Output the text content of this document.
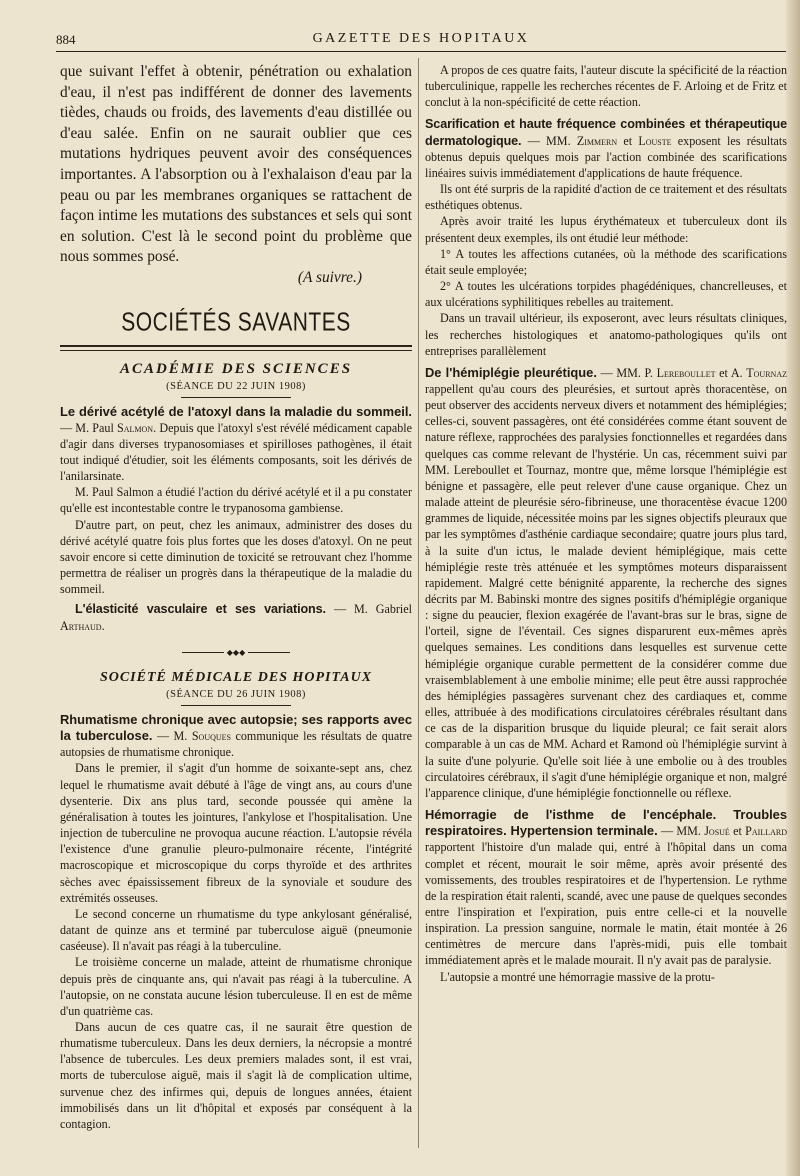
884	GAZETTE DES HOPITAUX

que suivant l'effet à obtenir, pénétration ou exhalation d'eau, il n'est pas indifférent de donner des lavements tièdes, chauds ou froids, des lavements d'eau distillée ou d'eau salée. Enfin on ne saurait oublier que ces mutations hydriques peuvent avoir des conséquences importantes. A l'absorption ou à l'exhalaison d'eau par la peau ou par les membranes organiques se rattachent de façon intime les mutations des substances et sels qui sont en solution. C'est là le second point du problème que nous sommes posé.

(A suivre.)

SOCIÉTÉS SAVANTES
ACADÉMIE DES SCIENCES
(SÉANCE DU 22 JUIN 1908)

Le dérivé acétylé de l'atoxyl dans la maladie du sommeil. — M. Paul Salmon. Depuis que l'atoxyl s'est révélé médicament capable d'agir dans diverses trypanosomiases et spirilloses pathogènes, il était tout indiqué d'étudier, soit les éléments composants, soit les dérivés de l'anilarsinate.

M. Paul Salmon a étudié l'action du dérivé acétylé et il a pu constater qu'elle est incontestable contre le trypanosoma gambiense.

D'autre part, on peut, chez les animaux, administrer des doses du dérivé acétylé quatre fois plus fortes que les doses d'atoxyl. On ne peut savoir encore si cette diminution de toxicité se retrouvant chez l'homme permettra de réaliser un progrès dans la thérapeutique de la maladie du sommeil.

L'élasticité vasculaire et ses variations. — M. Gabriel Arthaud.

◆◆◆
SOCIÉTÉ MÉDICALE DES HOPITAUX
(SÉANCE DU 26 JUIN 1908)

Rhumatisme chronique avec autopsie; ses rapports avec la tuberculose. — M. Souques communique les résultats de quatre autopsies de rhumatisme chronique.

Dans le premier, il s'agit d'un homme de soixante-sept ans, chez lequel le rhumatisme avait débuté à l'âge de vingt ans, au cours d'une dysenterie. Dix ans plus tard, seconde poussée qui amène la généralisation à toutes les jointures, l'ankylose et l'hospitalisation. Une injection de tuberculine ne provoqua aucune réaction. L'autopsie révéla l'existence d'une granulie pleuro-pulmonaire récente, l'intégrité macroscopique et microscopique du corps thyroïde et des arthrites sèches avec épaississement fibreux de la synoviale et soudure des extrémités osseuses.

Le second concerne un rhumatisme du type ankylosant généralisé, datant de quinze ans et terminé par tuberculose aiguë (pneumonie caséeuse). Il n'avait pas réagi à la tuberculine.

Le troisième concerne un malade, atteint de rhumatisme chronique depuis près de cinquante ans, qui n'avait pas réagi à la tuberculine. A l'autopsie, on ne constata aucune lésion tuberculeuse. Il en est de même d'un quatrième cas.

Dans aucun de ces quatre cas, il ne saurait être question de rhumatisme tuberculeux. Dans les deux derniers, la nécropsie a montré l'absence de tubercules. Les deux premiers malades sont, il est vrai, morts de tuberculose aiguë, mais il s'agit là de complication ultime, survenue chez des infirmes qui, depuis de longues années, étaient immobilisés dans un lit d'hôpital et exposés par conséquent à la contagion.

A propos de ces quatre faits, l'auteur discute la spécificité de la réaction tuberculinique, rappelle les recherches récentes de F. Arloing et de Fritz et conclut à la non-spécificité de cette réaction.

Scarification et haute fréquence combinées et thérapeutique dermatologique. — MM. Zimmern et Louste exposent les résultats obtenus depuis quelques mois par l'action combinée des scarifications linéaires suivis immédiatement d'applications de haute fréquence.

Ils ont été surpris de la rapidité d'action de ce traitement et des résultats esthétiques obtenus.

Après avoir traité les lupus érythémateux et tuberculeux dont ils présentent deux exemples, ils ont étudié leur méthode:

1° A toutes les affections cutanées, où la méthode des scarifications était seule employée;

2° A toutes les ulcérations torpides phagédéniques, chancrelleuses, et aux ulcérations syphilitiques rebelles au traitement.

Dans un travail ultérieur, ils exposeront, avec leurs résultats cliniques, les recherches histologiques et anatomo-pathologiques qu'ils ont entreprises parallèlement

De l'hémiplégie pleurétique. — MM. P. Lereboullet et A. Tournaz rappellent qu'au cours des pleurésies, et surtout après thoracentèse, on peut observer des accidents nerveux divers et notamment des hémiplégies; celles-ci, souvent passagères, ont été considérées comme étant souvent de nature réflexe, rapprochées des paralysies fonctionnelles et regardées dans quelques cas comme relevant de l'hystérie. Un cas, récemment suivi par MM. Lereboullet et Tournaz, montre que, même lorsque l'hémiplégie est bénigne et passagère, elle peut relever d'une cause organique. Chez un malade atteint de pleurésie séro-fibrineuse, une thoracentèse évacue 1200 grammes de liquide, nécessitée moins par les signes objectifs pleuraux que par les symptômes d'asthénie cardiaque secondaire; quatre jours plus tard, à la suite d'un ictus, le malade devient hémiplégique, mais cette hémiplégie reste très atténuée et les symptômes moteurs disparaissent rapidement. Malgré cette bénignité apparente, la recherche des signes décrits par M. Babinski montre des signes positifs d'hémiplégie organique : signe du peaucier, flexion exagérée de l'avant-bras sur le bras, signe de l'orteil, signe de l'éventail. Ces signes disparurent eux-mêmes après quelques semaines. Les conditions dans lesquelles est survenue cette hémiplégie organique curable permettent de la considérer comme due vraisemblablement à une embolie minime; elle peut être aussi rapprochée des hémiplégies passagères survenant chez des cardiaques et, comme elles, attribuée à des modifications circulatoires cérébrales résultant dans ce cas de la disparition brusque du liquide pleural; ce fait serait alors comparable à un cas de MM. Achard et Ramond où l'hémiplégie survint à la suite d'une polyurie. Qu'elle soit liée à une embolie ou à des troubles circulatoires cérébraux, il s'agit d'une hémiplégie organique et non, malgré l'apparence clinique, d'une hémiplégie fonctionnelle ou réflexe.

Hémorragie de l'isthme de l'encéphale. Troubles respiratoires. Hypertension terminale. — MM. Josué et Paillard rapportent l'histoire d'un malade qui, entré à l'hôpital dans un coma complet et récent, mourait le soir même, après avoir présenté des vomissements, des troubles respiratoires et de l'hypertension. Le rythme de la respiration était ralenti, scandé, avec une pause de quelques secondes entre l'inspiration et l'expiration, puis entre celle-ci et la nouvelle inspiration. La pression sanguine, normale le matin, était montée à 26 centimètres de mercure dans l'après-midi, puis elle tombait immédiatement après et le malade mourait. Il n'y avait pas de paralysie.

L'autopsie a montré une hémorragie massive de la protu-
